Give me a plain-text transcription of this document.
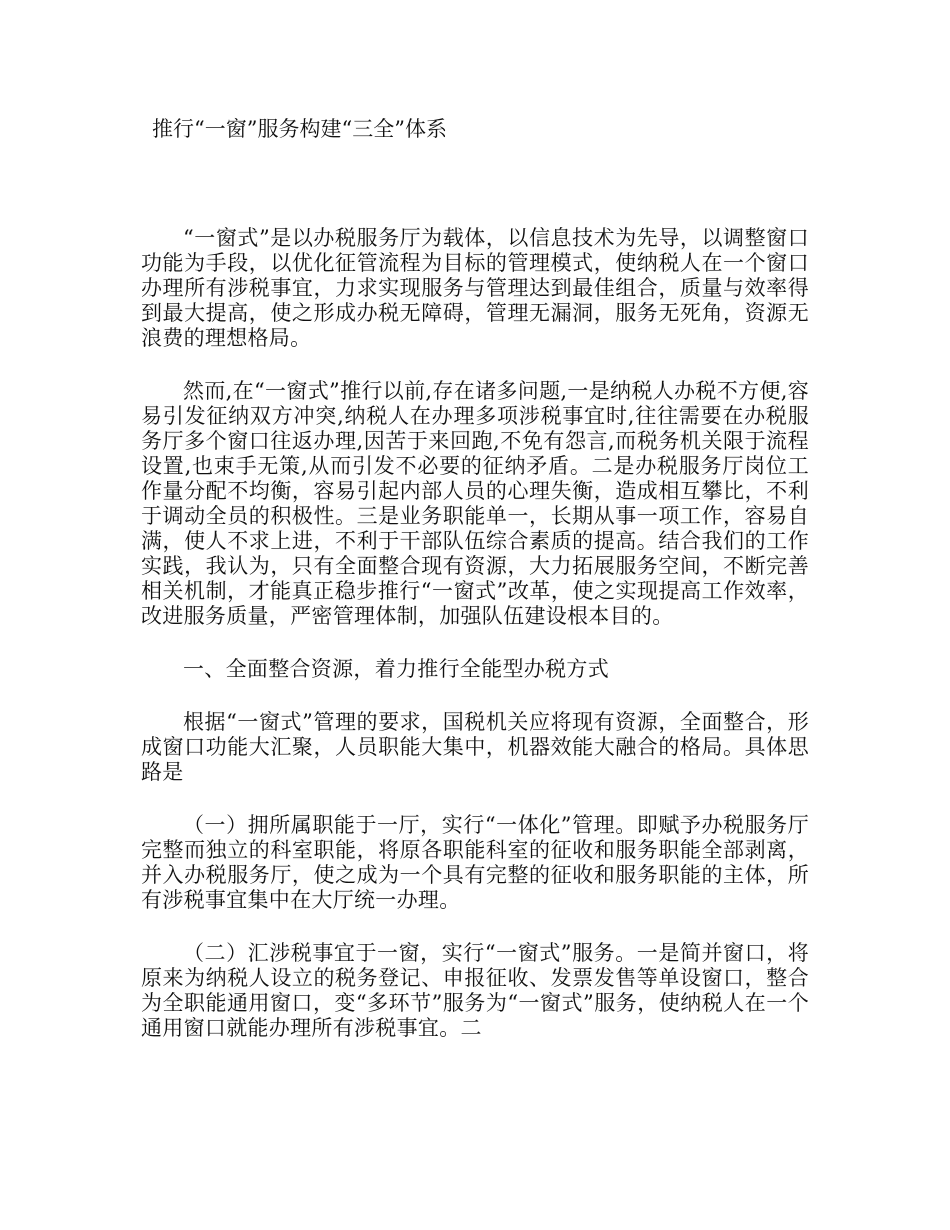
推行“一窗”服务构建“三全”体系

“一窗式”是以办税服务厅为载体，以信息技术为先导，以调整窗口功能为手段，以优化征管流程为目标的管理模式，使纳税人在一个窗口办理所有涉税事宜，力求实现服务与管理达到最佳组合，质量与效率得到最大提高，使之形成办税无障碍，管理无漏洞，服务无死角，资源无浪费的理想格局。

然而,在“一窗式”推行以前,存在诸多问题,一是纳税人办税不方便,容易引发征纳双方冲突,纳税人在办理多项涉税事宜时,往往需要在办税服务厅多个窗口往返办理,因苦于来回跑,不免有怨言,而税务机关限于流程设置,也束手无策,从而引发不必要的征纳矛盾。二是办税服务厅岗位工作量分配不均衡，容易引起内部人员的心理失衡，造成相互攀比，不利于调动全员的积极性。三是业务职能单一，长期从事一项工作，容易自满，使人不求上进，不利于干部队伍综合素质的提高。结合我们的工作实践，我认为，只有全面整合现有资源，大力拓展服务空间，不断完善相关机制，才能真正稳步推行“一窗式”改革，使之实现提高工作效率，改进服务质量，严密管理体制，加强队伍建设根本目的。

一、全面整合资源，着力推行全能型办税方式

根据“一窗式”管理的要求，国税机关应将现有资源，全面整合，形成窗口功能大汇聚，人员职能大集中，机器效能大融合的格局。具体思路是

（一）拥所属职能于一厅，实行“一体化”管理。即赋予办税服务厅完整而独立的科室职能，将原各职能科室的征收和服务职能全部剥离，并入办税服务厅，使之成为一个具有完整的征收和服务职能的主体，所有涉税事宜集中在大厅统一办理。

（二）汇涉税事宜于一窗，实行“一窗式”服务。一是简并窗口，将原来为纳税人设立的税务登记、申报征收、发票发售等单设窗口，整合为全职能通用窗口，变“多环节”服务为“一窗式”服务，使纳税人在一个通用窗口就能办理所有涉税事宜。二
